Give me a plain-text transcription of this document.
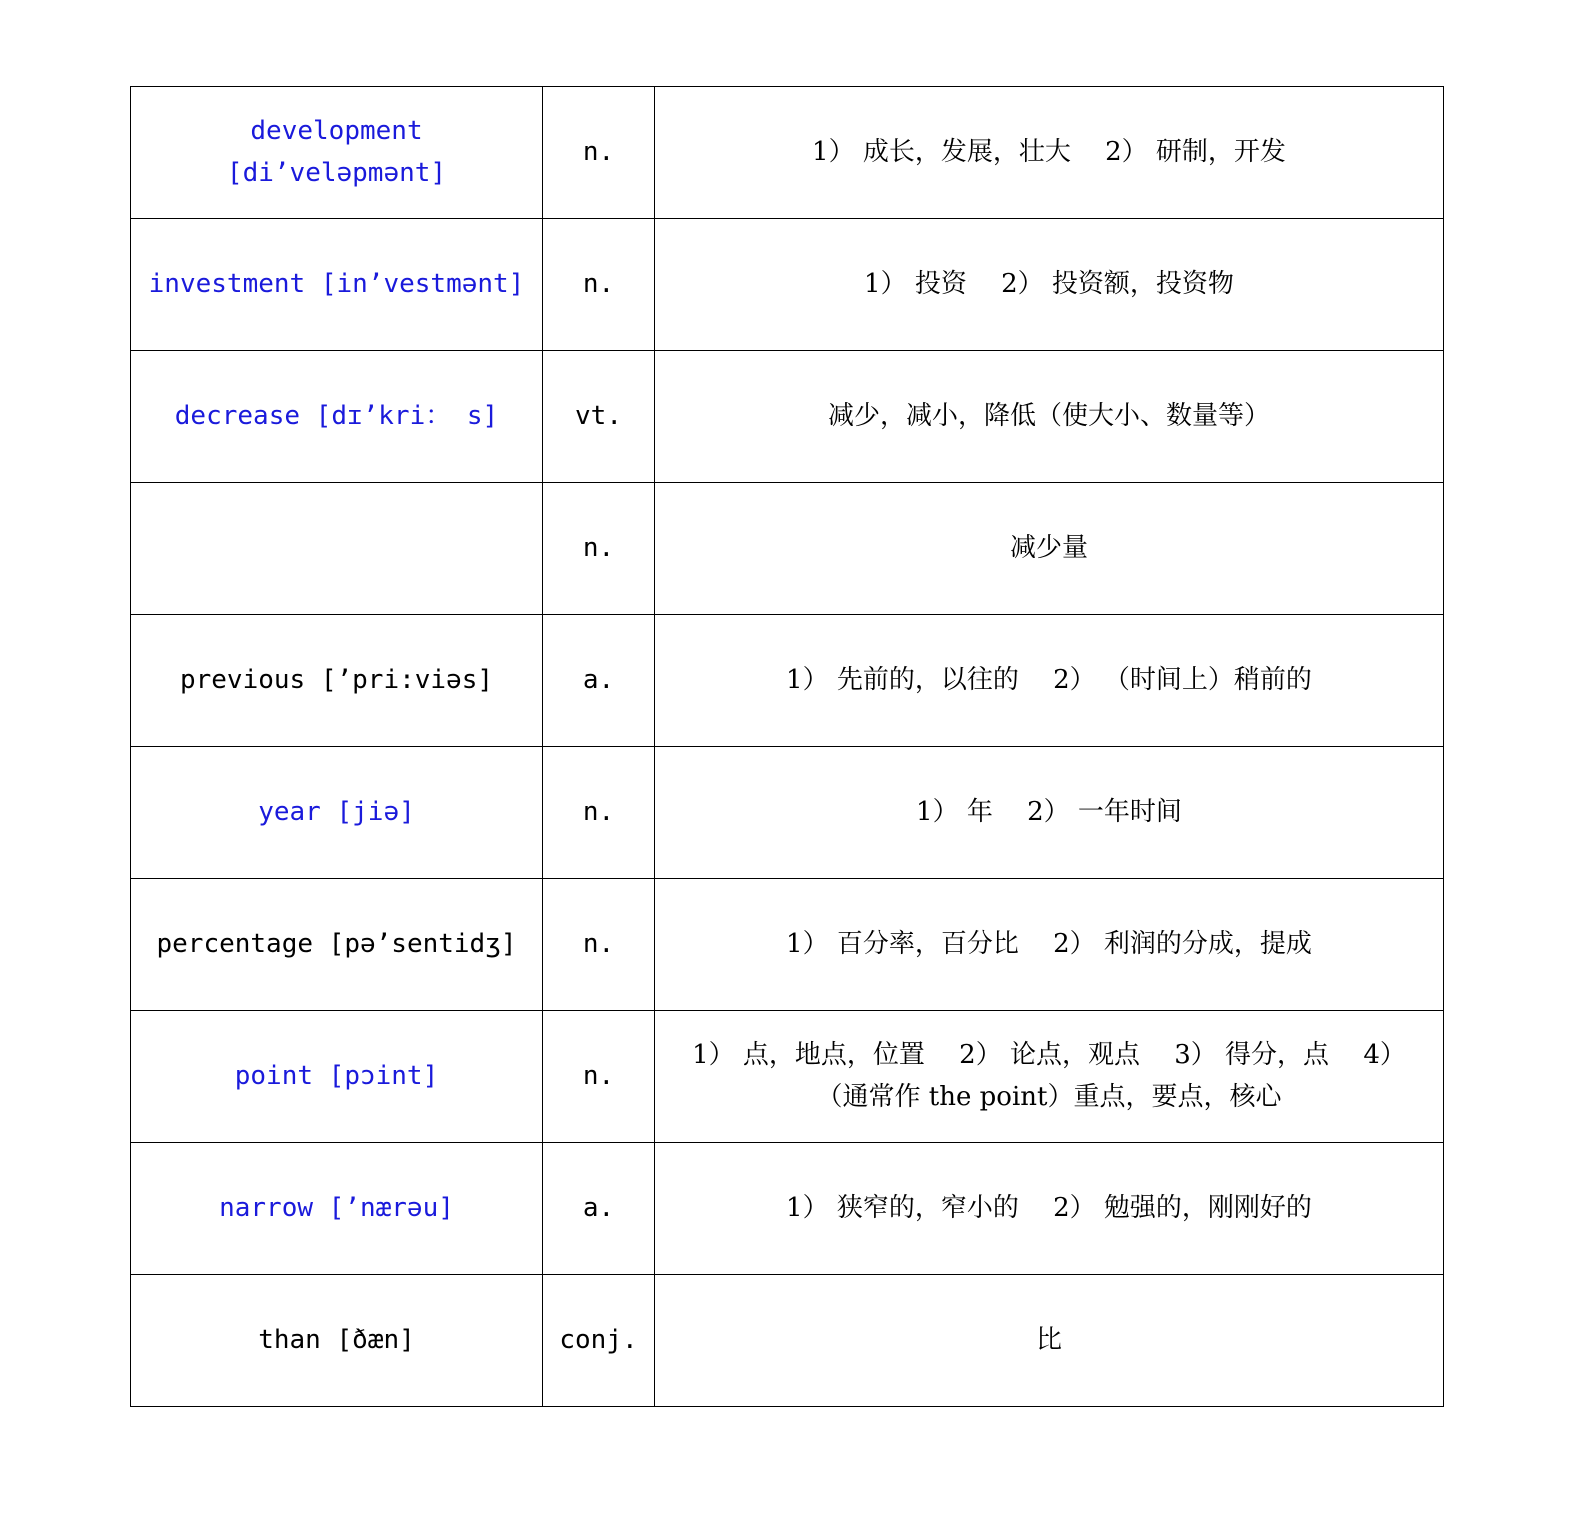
development [di’veləpmənt]	n.	1） 成长，发展，壮大　 2） 研制，开发
investment [in’vestmənt]	n.	1） 投资　 2） 投资额，投资物
decrease [dɪ’kri： s]	vt.	减少，减小，降低（使大小、数量等）
	n.	减少量
previous [’pri:viəs]	a.	1） 先前的，以往的　 2） （时间上）稍前的
year [jiə]	n.	1） 年　 2） 一年时间
percentage [pə’sentidʒ]	n.	1） 百分率，百分比　 2） 利润的分成，提成
point [pɔint]	n.	1） 点，地点，位置　 2） 论点，观点　 3） 得分，点　 4） （通常作 the point）重点，要点，核心
narrow [’nærəu]	a.	1） 狭窄的，窄小的　 2） 勉强的，刚刚好的
than [ðæn]	conj.	比
